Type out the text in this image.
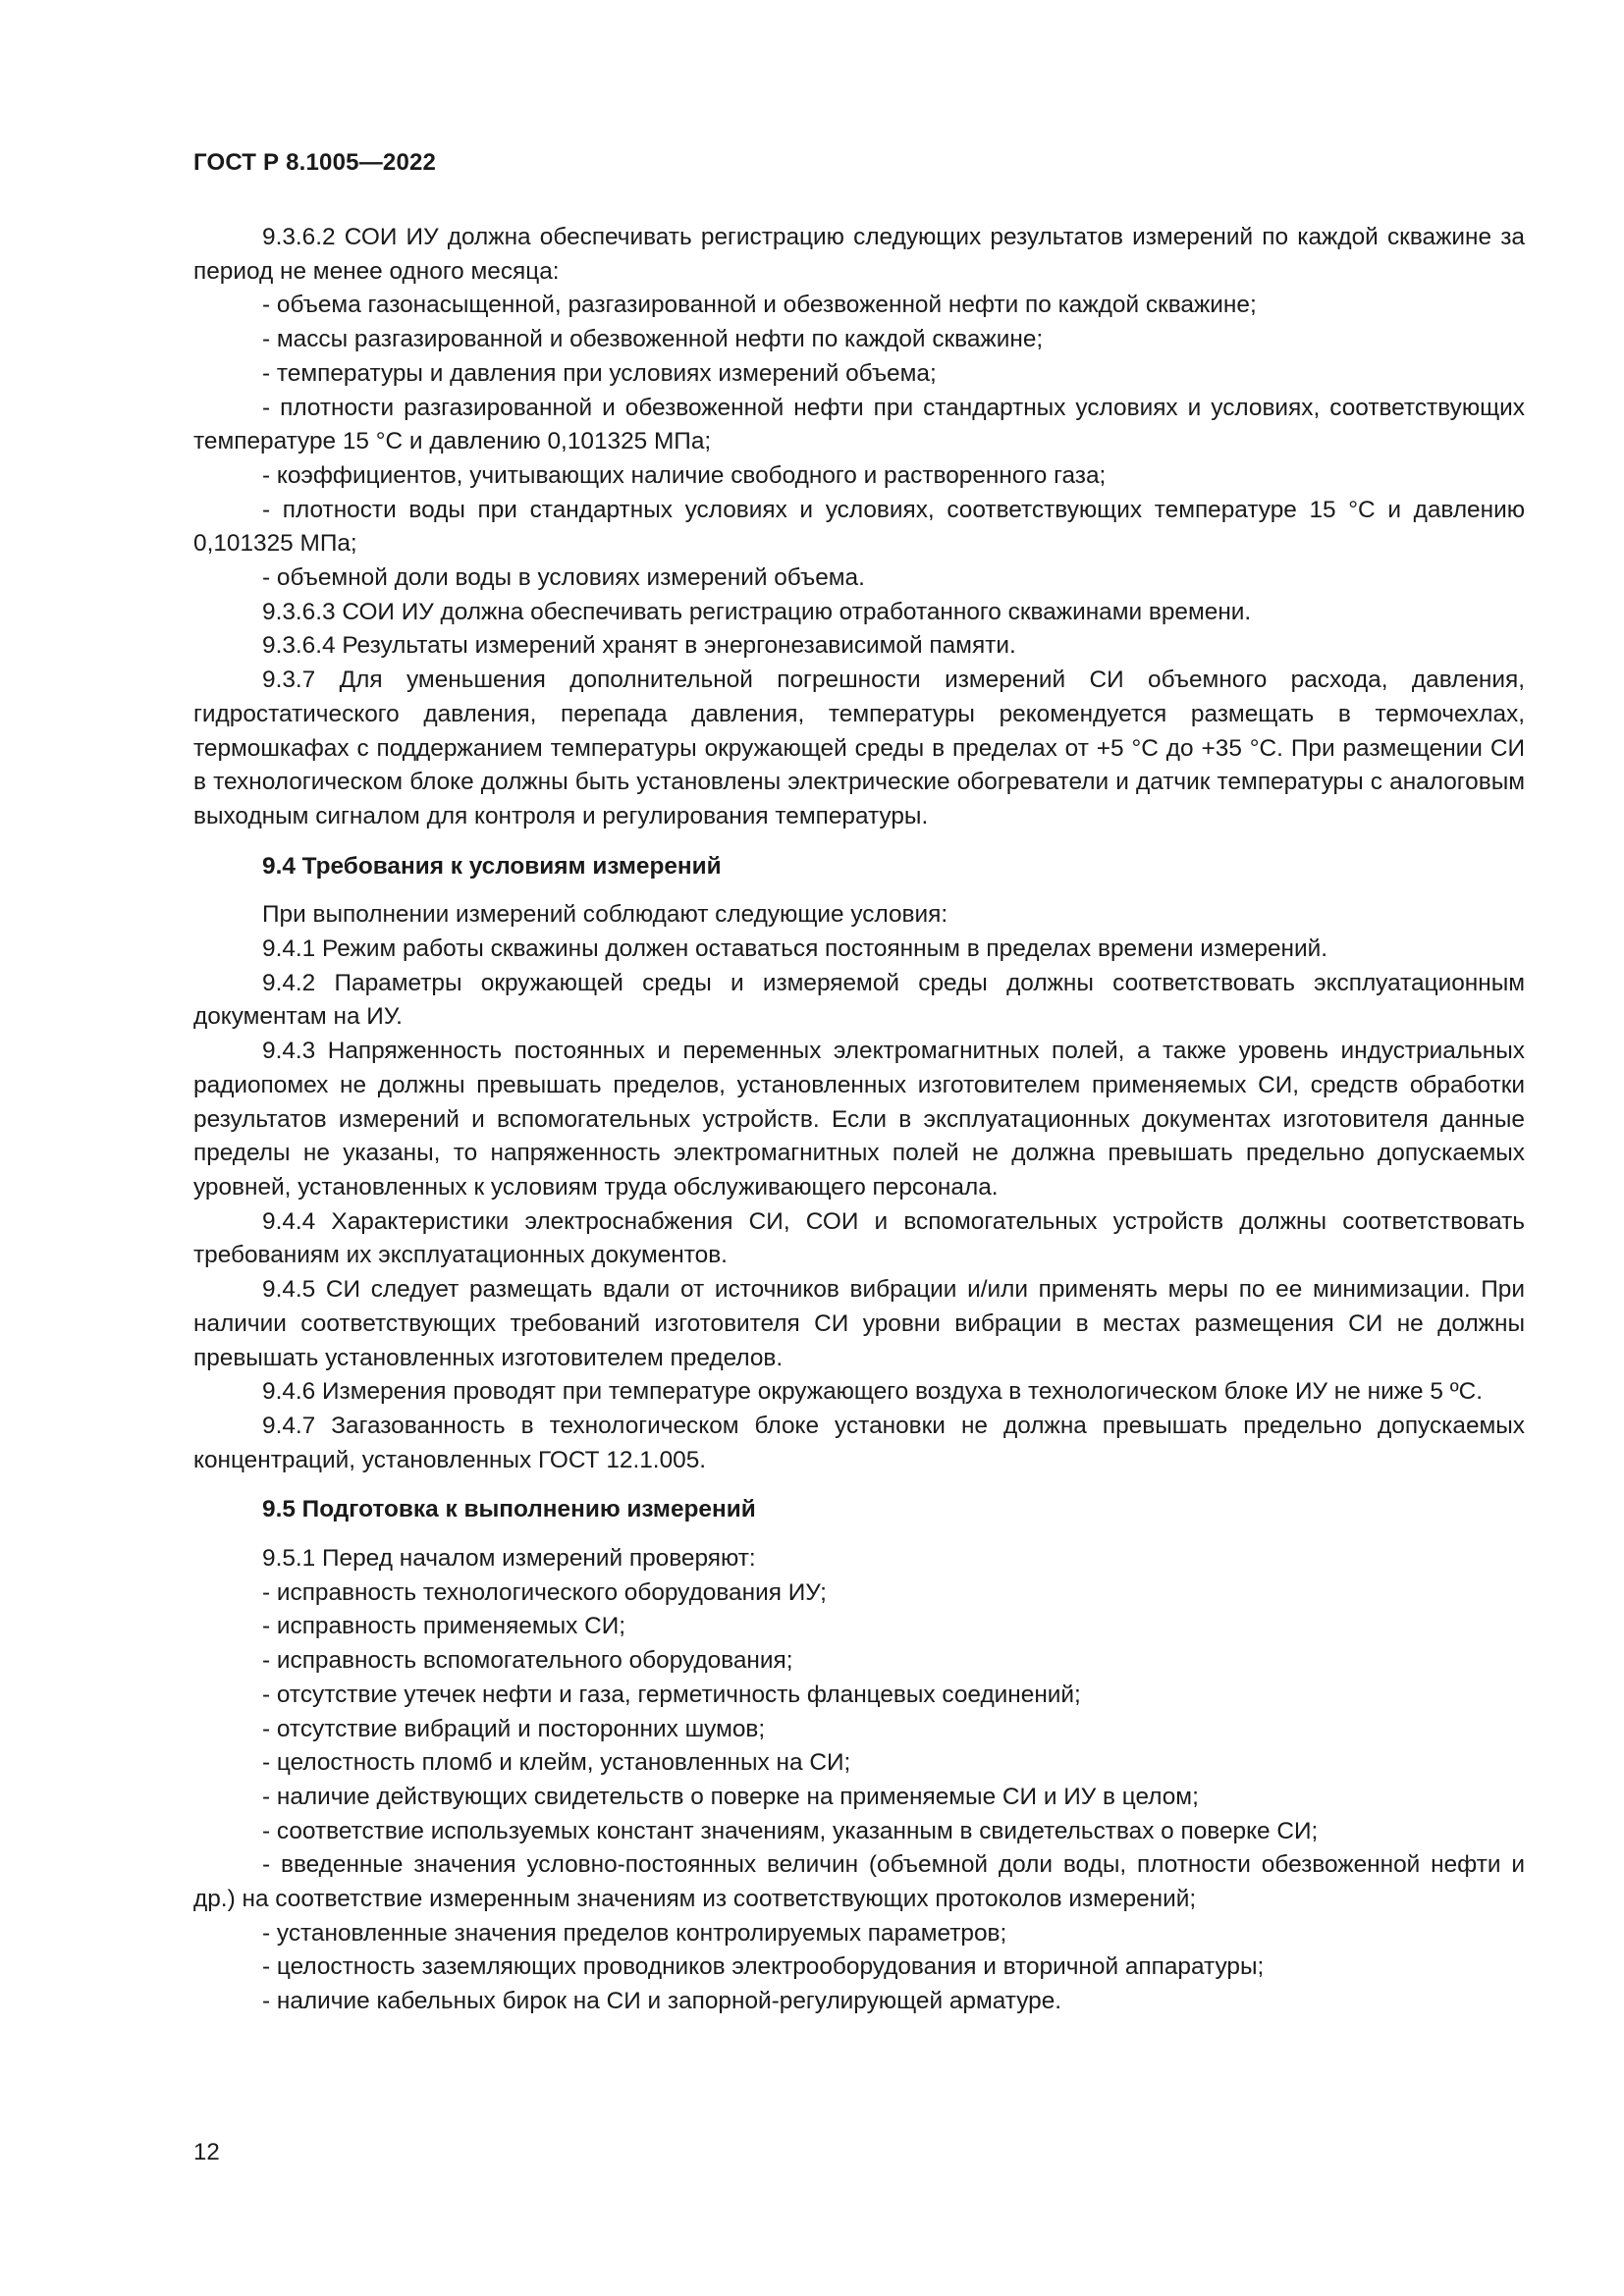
ГОСТ Р 8.1005—2022

9.3.6.2 СОИ ИУ должна обеспечивать регистрацию следующих результатов измерений по каждой скважине за период не менее одного месяца:

- объема газонасыщенной, разгазированной и обезвоженной нефти по каждой скважине;

- массы разгазированной и обезвоженной нефти по каждой скважине;

- температуры и давления при условиях измерений объема;

- плотности разгазированной и обезвоженной нефти при стандартных условиях и условиях, соответствующих температуре 15 °С и давлению 0,101325 МПа;

- коэффициентов, учитывающих наличие свободного и растворенного газа;

- плотности воды при стандартных условиях и условиях, соответствующих температуре 15 °С и давлению 0,101325 МПа;

- объемной доли воды в условиях измерений объема.

9.3.6.3 СОИ ИУ должна обеспечивать регистрацию отработанного скважинами времени.

9.3.6.4 Результаты измерений хранят в энергонезависимой памяти.

9.3.7 Для уменьшения дополнительной погрешности измерений СИ объемного расхода, давления, гидростатического давления, перепада давления, температуры рекомендуется размещать в термочехлах, термошкафах с поддержанием температуры окружающей среды в пределах от +5 °С до +35 °С. При размещении СИ в технологическом блоке должны быть установлены электрические обогреватели и датчик температуры с аналоговым выходным сигналом для контроля и регулирования температуры.

9.4 Требования к условиям измерений

При выполнении измерений соблюдают следующие условия:

9.4.1 Режим работы скважины должен оставаться постоянным в пределах времени измерений.

9.4.2 Параметры окружающей среды и измеряемой среды должны соответствовать эксплуатационным документам на ИУ.

9.4.3 Напряженность постоянных и переменных электромагнитных полей, а также уровень индустриальных радиопомех не должны превышать пределов, установленных изготовителем применяемых СИ, средств обработки результатов измерений и вспомогательных устройств. Если в эксплуатационных документах изготовителя данные пределы не указаны, то напряженность электромагнитных полей не должна превышать предельно допускаемых уровней, установленных к условиям труда обслуживающего персонала.

9.4.4 Характеристики электроснабжения СИ, СОИ и вспомогательных устройств должны соответствовать требованиям их эксплуатационных документов.

9.4.5 СИ следует размещать вдали от источников вибрации и/или применять меры по ее минимизации. При наличии соответствующих требований изготовителя СИ уровни вибрации в местах размещения СИ не должны превышать установленных изготовителем пределов.

9.4.6 Измерения проводят при температуре окружающего воздуха в технологическом блоке ИУ не ниже 5 ºС.

9.4.7 Загазованность в технологическом блоке установки не должна превышать предельно допускаемых концентраций, установленных ГОСТ 12.1.005.

9.5 Подготовка к выполнению измерений

9.5.1 Перед началом измерений проверяют:

- исправность технологического оборудования ИУ;

- исправность применяемых СИ;

- исправность вспомогательного оборудования;

- отсутствие утечек нефти и газа, герметичность фланцевых соединений;

- отсутствие вибраций и посторонних шумов;

- целостность пломб и клейм, установленных на СИ;

- наличие действующих свидетельств о поверке на применяемые СИ и ИУ в целом;

- соответствие используемых констант значениям, указанным в свидетельствах о поверке СИ;

- введенные значения условно-постоянных величин (объемной доли воды, плотности обезвоженной нефти и др.) на соответствие измеренным значениям из соответствующих протоколов измерений;

- установленные значения пределов контролируемых параметров;

- целостность заземляющих проводников электрооборудования и вторичной аппаратуры;

- наличие кабельных бирок на СИ и запорной-регулирующей арматуре.

12
